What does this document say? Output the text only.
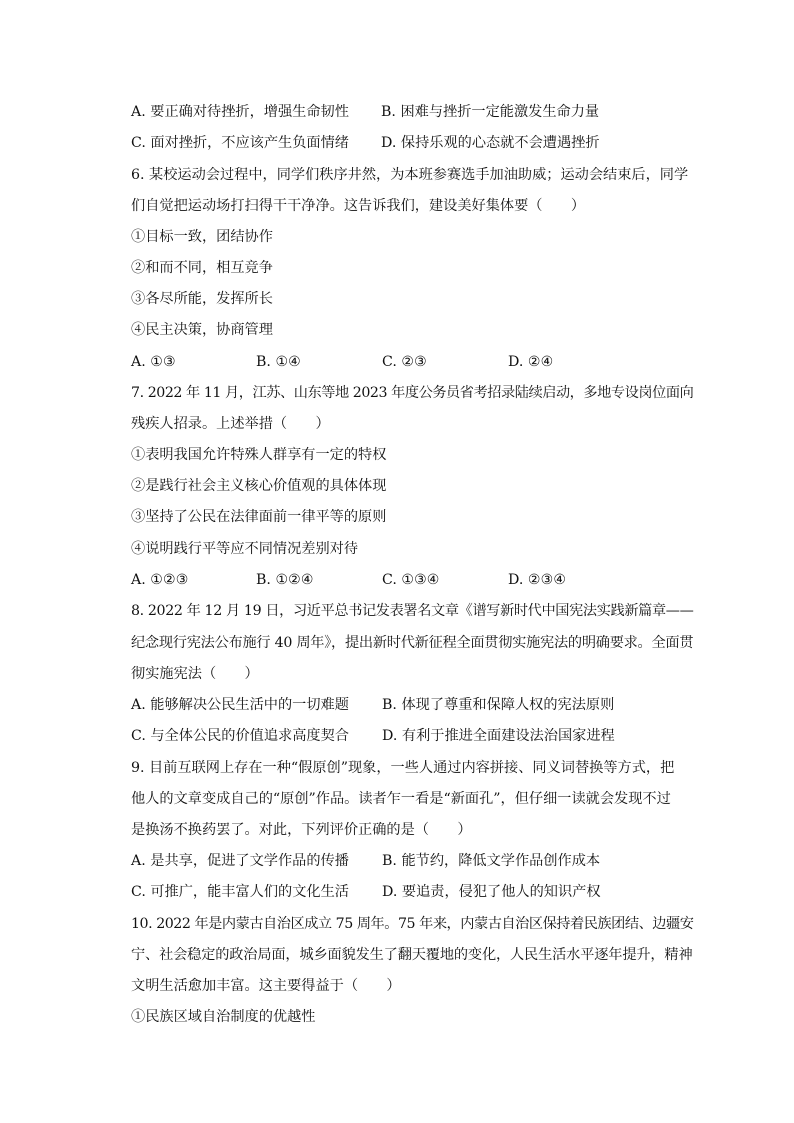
A. 要正确对待挫折，增强生命韧性 B. 困难与挫折一定能激发生命力量
C. 面对挫折，不应该产生负面情绪 D. 保持乐观的心态就不会遭遇挫折
6. 某校运动会过程中，同学们秩序井然，为本班参赛选手加油助威；运动会结束后，同学
们自觉把运动场打扫得干干净净。这告诉我们，建设美好集体要（　　）
①目标一致，团结协作
②和而不同，相互竞争
③各尽所能，发挥所长
④民主决策，协商管理
A. ①③	B. ①④	C. ②③	D. ②④
7. 2022 年 11 月，江苏、山东等地 2023 年度公务员省考招录陆续启动，多地专设岗位面向
残疾人招录。上述举措（　　）
①表明我国允许特殊人群享有一定的特权
②是践行社会主义核心价值观的具体体现
③坚持了公民在法律面前一律平等的原则
④说明践行平等应不同情况差别对待
A. ①②③	B. ①②④	C. ①③④	D. ②③④
8. 2022 年 12 月 19 日，习近平总书记发表署名文章《谱写新时代中国宪法实践新篇章——
纪念现行宪法公布施行 40 周年》，提出新时代新征程全面贯彻实施宪法的明确要求。全面贯
彻实施宪法（　　）
A. 能够解决公民生活中的一切难题 B. 体现了尊重和保障人权的宪法原则
C. 与全体公民的价值追求高度契合 D. 有利于推进全面建设法治国家进程
9. 目前互联网上存在一种“假原创”现象，一些人通过内容拼接、同义词替换等方式，把
他人的文章变成自己的“原创”作品。读者乍一看是“新面孔”，但仔细一读就会发现不过
是换汤不换药罢了。对此，下列评价正确的是（　　）
A. 是共享，促进了文学作品的传播 B. 能节约，降低文学作品创作成本
C. 可推广，能丰富人们的文化生活 D. 要追责，侵犯了他人的知识产权
10. 2022 年是内蒙古自治区成立 75 周年。75 年来，内蒙古自治区保持着民族团结、边疆安
宁、社会稳定的政治局面，城乡面貌发生了翻天覆地的变化，人民生活水平逐年提升，精神
文明生活愈加丰富。这主要得益于（　　）
①民族区域自治制度的优越性
